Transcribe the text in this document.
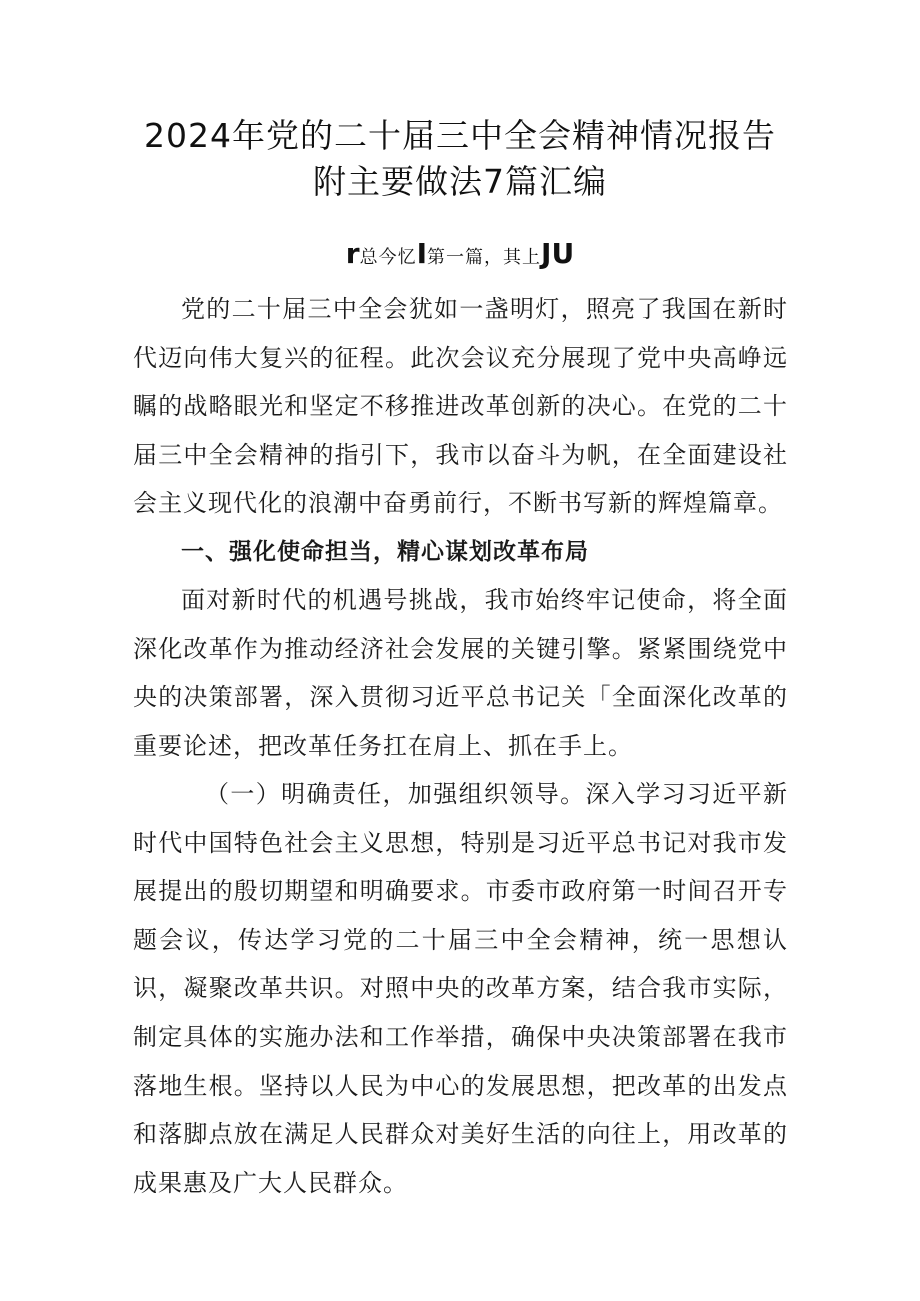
2024年党的二十届三中全会精神情况报告
附主要做法7篇汇编
r总今忆I第一篇，其上JU

党的二十届三中全会犹如一盏明灯，照亮了我国在新时代迈向伟大复兴的征程。此次会议充分展现了党中央高峥远瞩的战略眼光和坚定不移推进改革创新的决心。在党的二十届三中全会精神的指引下，我市以奋斗为帆，在全面建设社会主义现代化的浪潮中奋勇前行，不断书写新的辉煌篇章。

一、强化使命担当，精心谋划改革布局

面对新时代的机遇号挑战，我市始终牢记使命，将全面深化改革作为推动经济社会发展的关键引擎。紧紧围绕党中央的决策部署，深入贯彻习近平总书记关「全面深化改革的重要论述，把改革任务扛在肩上、抓在手上。

（一）明确责任，加强组织领导。深入学习习近平新时代中国特色社会主义思想，特别是习近平总书记对我市发展提出的殷切期望和明确要求。市委市政府第一时间召开专题会议，传达学习党的二十届三中全会精神，统一思想认识，凝聚改革共识。对照中央的改革方案，结合我市实际，制定具体的实施办法和工作举措，确保中央决策部署在我市落地生根。坚持以人民为中心的发展思想，把改革的出发点和落脚点放在满足人民群众对美好生活的向往上，用改革的成果惠及广大人民群众。
